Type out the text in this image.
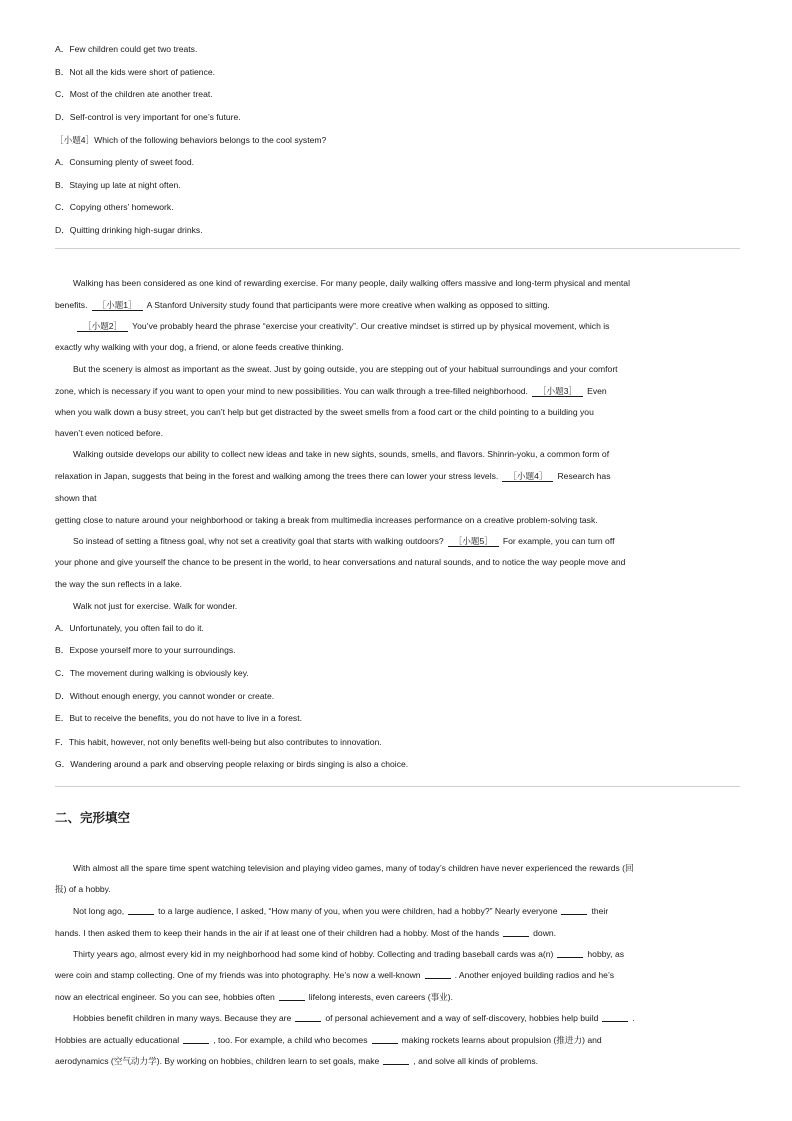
A．Few children could get two treats.
B．Not all the kids were short of patience.
C．Most of the children ate another treat.
D．Self-control is very important for one’s future.
［小题4］Which of the following behaviors belongs to the cool system?
A．Consuming plenty of sweet food.
B．Staying up late at night often.
C．Copying others’ homework.
D．Quitting drinking high-sugar drinks.
Walking has been considered as one kind of rewarding exercise. For many people, daily walking offers massive and long-term physical and mental
benefits. ［小题1］ A Stanford University study found that participants were more creative when walking as opposed to sitting.
［小题2］ You’ve probably heard the phrase “exercise your creativity”. Our creative mindset is stirred up by physical movement, which is
exactly why walking with your dog, a friend, or alone feeds creative thinking.
But the scenery is almost as important as the sweat. Just by going outside, you are stepping out of your habitual surroundings and your comfort
zone, which is necessary if you want to open your mind to new possibilities. You can walk through a tree-filled neighborhood. ［小题3］ Even
when you walk down a busy street, you can’t help but get distracted by the sweet smells from a food cart or the child pointing to a building you
haven’t even noticed before.
Walking outside develops our ability to collect new ideas and take in new sights, sounds, smells, and flavors. Shinrin-yoku, a common form of
relaxation in Japan, suggests that being in the forest and walking among the trees there can lower your stress levels. ［小题4］ Research has
shown that
getting close to nature around your neighborhood or taking a break from multimedia increases performance on a creative problem-solving task.
So instead of setting a fitness goal, why not set a creativity goal that starts with walking outdoors? ［小题5］ For example, you can turn off
your phone and give yourself the chance to be present in the world, to hear conversations and natural sounds, and to notice the way people move and
the way the sun reflects in a lake.
Walk not just for exercise. Walk for wonder.
A．Unfortunately, you often fail to do it.
B．Expose yourself more to your surroundings.
C．The movement during walking is obviously key.
D．Without enough energy, you cannot wonder or create.
E．But to receive the benefits, you do not have to live in a forest.
F．This habit, however, not only benefits well-being but also contributes to innovation.
G．Wandering around a park and observing people relaxing or birds singing is also a choice.
二、完形填空
With almost all the spare time spent watching television and playing video games, many of today’s children have never experienced the rewards (回
报) of a hobby.
Not long ago,	to a large audience, I asked, “How many of you, when you were children, had a hobby?” Nearly everyone	their
hands. I then asked them to keep their hands in the air if at least one of their children had a hobby. Most of the hands	down.
Thirty years ago, almost every kid in my neighborhood had some kind of hobby. Collecting and trading baseball cards was a(n)	hobby, as
were coin and stamp collecting. One of my friends was into photography. He’s now a well-known	. Another enjoyed building radios and he’s
now an electrical engineer. So you can see, hobbies often	lifelong interests, even careers (事业).
Hobbies benefit children in many ways. Because they are	of personal achievement and a way of self-discovery, hobbies help build	.
Hobbies are actually educational	, too. For example, a child who becomes	making rockets learns about propulsion (推进力) and
aerodynamics (空气动力学). By working on hobbies, children learn to set goals, make	, and solve all kinds of problems.
